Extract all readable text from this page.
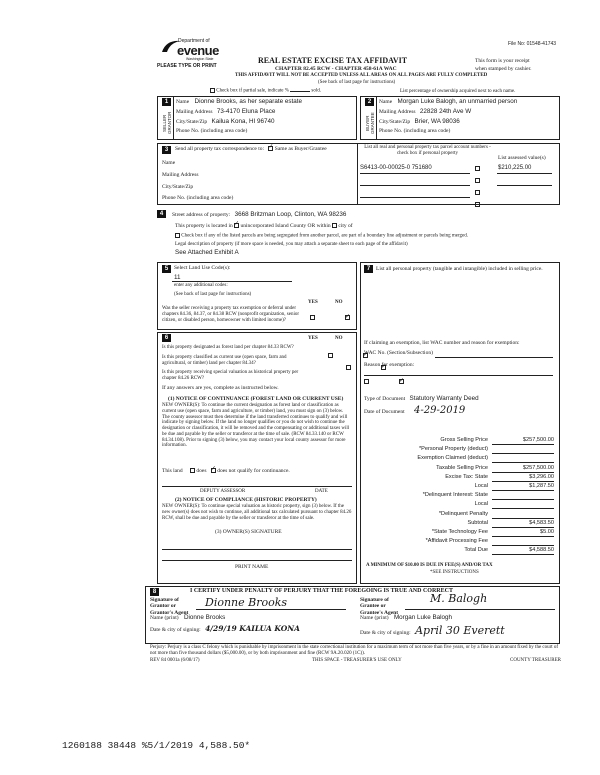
Department of
evenue
Washington State
PLEASE TYPE OR PRINT
REAL ESTATE EXCISE TAX AFFIDAVIT
CHAPTER 82.45 RCW - CHAPTER 458-61A WAC
THIS AFFIDAVIT WILL NOT BE ACCEPTED UNLESS ALL AREAS ON ALL PAGES ARE FULLY COMPLETED
(See back of last page for instructions)
File No: 01548-41743
This form is your receipt
when stamped by cashier.
Check box if partial sale, indicate %	sold.	List percentage of ownership acquired next to each name.
1
SELLER GRANTOR
Name Dionne Brooks, as her separate estate
Mailing Address 73-4170 Eluna Place
City/State/Zip Kailua Kona, HI 96740
Phone No. (including area code)
2
BUYER GRANTEE
Name Morgan Luke Balogh, an unmarried person
Mailing Address 22828 24th Ave W
City/State/Zip Brier, WA 98036
Phone No. (including area code)
3	Send all property tax correspondence to: ✓ Same as Buyer/Grantee
Name
Mailing Address
City/State/Zip
Phone No. (including area code)
List all real and personal property tax parcel account numbers - check box if personal property
List assessed value(s)
S6413-00-00025-0 751680	$210,225.00
4	Street address of property: 3668 Britzman Loop, Clinton, WA 98236
This property is located in ✓ unincorporated Island County OR within city of
Check box if any of the listed parcels are being segregated from another parcel, are part of a boundary line adjustment or parcels being merged.
Legal description of property (if more space is needed, you may attach a separate sheet to each page of the affidavit)
See Attached Exhibit A
5	Select Land Use Code(s):
11
enter any additional codes:
(See back of last page for instructions)
YES	NO
Was the seller receiving a property tax exemption or deferral under chapters 84.36, 84.37, or 84.38 RCW (nonprofit organization, senior citizen, or disabled person, homeowner with limited income)?
✓
6	YES	NO
Is this property designated as forest land per chapter 84.33 RCW?
✓
Is this property classified as current use (open space, farm and agricultural, or timber) land per chapter 84.34?
✓
Is this property receiving special valuation as historical property per chapter 84.26 RCW?
✓
If any answers are yes, complete as instructed below.
(1) NOTICE OF CONTINUANCE (FOREST LAND OR CURRENT USE)
NEW OWNER(S): To continue the current designation as forest land or classification as current use (open space, farm and agriculture, or timber) land, you must sign on (3) below. The county assessor must then determine if the land transferred continues to qualify and will indicate by signing below. If the land no longer qualifies or you do not wish to continue the designation or classification, it will be removed and the compensating or additional taxes will be due and payable by the seller or transferor at the time of sale. (RCW 84.33.140 or RCW 84.34.108). Prior to signing (3) below, you may contact your local county assessor for more information.
This land	does ✓ does not qualify for continuance.
DEPUTY ASSESSOR	DATE
(2) NOTICE OF COMPLIANCE (HISTORIC PROPERTY)
NEW OWNER(S): To continue special valuation as historic property, sign (3) below. If the new owner(s) does not wish to continue, all additional tax calculated pursuant to chapter 84.26 RCW, shall be due and payable by the seller or transferor at the time of sale.
(3) OWNER(S) SIGNATURE
PRINT NAME
7	List all personal property (tangible and intangible) included in selling price.
If claiming an exemption, list WAC number and reason for exemption:
WAC No. (Section/Subsection)
Reason for exemption:
Type of Document Statutory Warranty Deed
Date of Document 4-29-2019
Gross Selling Price	$257,500.00
*Personal Property (deduct)
Exemption Claimed (deduct)
Taxable Selling Price	$257,500.00
Excise Tax: State	$3,296.00
Local	$1,287.50
*Delinquent Interest: State
Local
*Delinquent Penalty
Subtotal	$4,583.50
*State Technology Fee	$5.00
*Affidavit Processing Fee
Total Due	$4,588.50
A MINIMUM OF $10.00 IS DUE IN FEE(S) AND/OR TAX
*SEE INSTRUCTIONS
8	I CERTIFY UNDER PENALTY OF PERJURY THAT THE FOREGOING IS TRUE AND CORRECT
Signature of Grantor or Grantor's Agent
Dionne Brooks
Name (print) Dionne Brooks
Date & city of signing: 4/29/19 KAILUA KONA
Signature of Grantee or Grantee's Agent
M. Balogh
Name (print) Morgan Luke Balogh
Date & city of signing: April 30 Everett
Perjury: Perjury is a class C felony which is punishable by imprisonment in the state correctional institution for a maximum term of not more than five years, or by a fine in an amount fixed by the court of not more than five thousand dollars ($5,000.00), or by both imprisonment and fine (RCW 9A.20.020 (1C)).
REV 84 0001a (6/08/17)	THIS SPACE - TREASURER'S USE ONLY	COUNTY TREASURER
1260188 38448 %5/1/2019 4,588.50*
